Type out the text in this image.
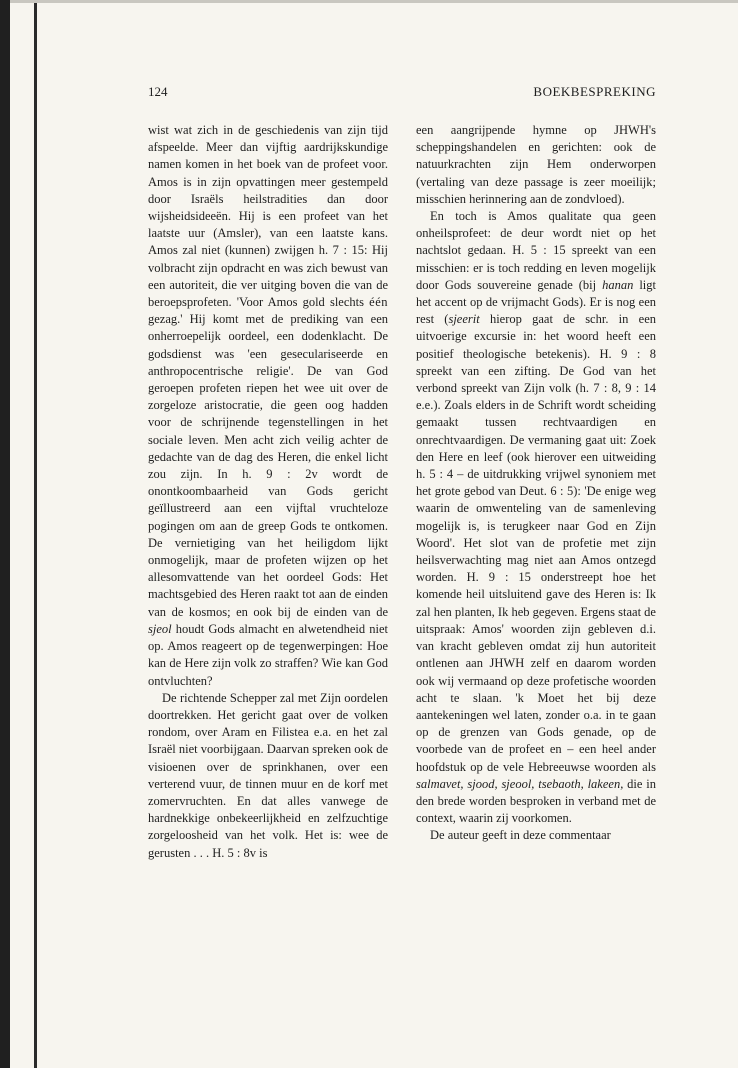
124	BOEKBESPREKING

wist wat zich in de geschiedenis van zijn tijd afspeelde. Meer dan vijftig aardrijkskundige namen komen in het boek van de profeet voor. Amos is in zijn opvattingen meer gestempeld door Israëls heilstradities dan door wijsheidsideeën. Hij is een profeet van het laatste uur (Amsler), van een laatste kans. Amos zal niet (kunnen) zwijgen h. 7 : 15: Hij volbracht zijn opdracht en was zich bewust van een autoriteit, die ver uitging boven die van de beroepsprofeten. 'Voor Amos gold slechts één gezag.' Hij komt met de prediking van een onherroepelijk oordeel, een dodenklacht. De godsdienst was 'een geseculariseerde en anthropocentrische religie'. De van God geroepen profeten riepen het wee uit over de zorgeloze aristocratie, die geen oog hadden voor de schrijnende tegenstellingen in het sociale leven. Men acht zich veilig achter de gedachte van de dag des Heren, die enkel licht zou zijn. In h. 9 : 2v wordt de onontkoombaarheid van Gods gericht geïllustreerd aan een vijftal vruchteloze pogingen om aan de greep Gods te ontkomen. De vernietiging van het heiligdom lijkt onmogelijk, maar de profeten wijzen op het allesomvattende van het oordeel Gods: Het machtsgebied des Heren raakt tot aan de einden van de kosmos; en ook bij de einden van de sjeol houdt Gods almacht en alwetendheid niet op. Amos reageert op de tegenwerpingen: Hoe kan de Here zijn volk zo straffen? Wie kan God ontvluchten?

De richtende Schepper zal met Zijn oordelen doortrekken. Het gericht gaat over de volken rondom, over Aram en Filistea e.a. en het zal Israël niet voorbijgaan. Daarvan spreken ook de visioenen over de sprinkhanen, over een verterend vuur, de tinnen muur en de korf met zomervruchten. En dat alles vanwege de hardnekkige onbekeerlijkheid en zelfzuchtige zorgeloosheid van het volk. Het is: wee de gerusten . . . H. 5 : 8v is

een aangrijpende hymne op JHWH's scheppingshandelen en gerichten: ook de natuurkrachten zijn Hem onderworpen (vertaling van deze passage is zeer moeilijk; misschien herinnering aan de zondvloed).

En toch is Amos qualitate qua geen onheilsprofeet: de deur wordt niet op het nachtslot gedaan. H. 5 : 15 spreekt van een misschien: er is toch redding en leven mogelijk door Gods souvereine genade (bij hanan ligt het accent op de vrijmacht Gods). Er is nog een rest (sjeerit hierop gaat de schr. in een uitvoerige excursie in: het woord heeft een positief theologische betekenis). H. 9 : 8 spreekt van een zifting. De God van het verbond spreekt van Zijn volk (h. 7 : 8, 9 : 14 e.e.). Zoals elders in de Schrift wordt scheiding gemaakt tussen rechtvaardigen en onrechtvaardigen. De vermaning gaat uit: Zoek den Here en leef (ook hierover een uitweiding h. 5 : 4 – de uitdrukking vrijwel synoniem met het grote gebod van Deut. 6 : 5): 'De enige weg waarin de omwenteling van de samenleving mogelijk is, is terugkeer naar God en Zijn Woord'. Het slot van de profetie met zijn heilsverwachting mag niet aan Amos ontzegd worden. H. 9 : 15 onderstreept hoe het komende heil uitsluitend gave des Heren is: Ik zal hen planten, Ik heb gegeven. Ergens staat de uitspraak: Amos' woorden zijn gebleven d.i. van kracht gebleven omdat zij hun autoriteit ontlenen aan JHWH zelf en daarom worden ook wij vermaand op deze profetische woorden acht te slaan. 'k Moet het bij deze aantekeningen wel laten, zonder o.a. in te gaan op de grenzen van Gods genade, op de voorbede van de profeet en – een heel ander hoofdstuk op de vele Hebreeuwse woorden als salmavet, sjood, sjeool, tsebaoth, lakeen, die in den brede worden besproken in verband met de context, waarin zij voorkomen.

De auteur geeft in deze commentaar
